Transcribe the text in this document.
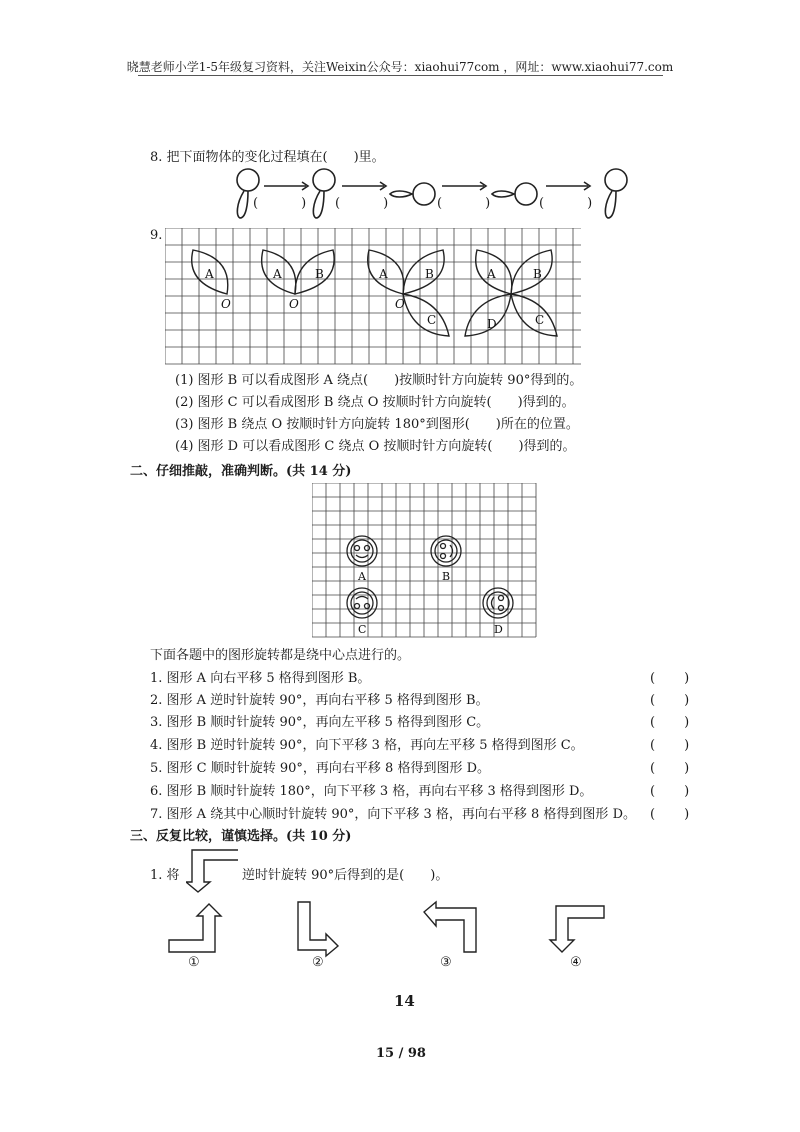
晓慧老师小学1-5年级复习资料，关注Weixin公众号：xiaohui77com ，网址：www.xiaohui77.com
8. 把下面物体的变化过程填在(　　)里。
(　　　) (　　　)	(　　　)	(　　　)
9.
A
O
A	B
O
A	B
O
C
A	B
C
D
(1) 图形 B 可以看成图形 A 绕点(　　)按顺时针方向旋转 90°得到的。
(2) 图形 C 可以看成图形 B 绕点 O 按顺时针方向旋转(　　)得到的。
(3) 图形 B 绕点 O 按顺时针方向旋转 180°到图形(　　)所在的位置。
(4) 图形 D 可以看成图形 C 绕点 O 按顺时针方向旋转(　　)得到的。
二、仔细推敲，准确判断。(共 14 分)
A	B
C	D
下面各题中的图形旋转都是绕中心点进行的。
1. 图形 A 向右平移 5 格得到图形 B。	(　　)
2. 图形 A 逆时针旋转 90°，再向右平移 5 格得到图形 B。	(　　)
3. 图形 B 顺时针旋转 90°，再向左平移 5 格得到图形 C。	(　　)
4. 图形 B 逆时针旋转 90°，向下平移 3 格，再向左平移 5 格得到图形 C。	(　　)
5. 图形 C 顺时针旋转 90°，再向右平移 8 格得到图形 D。	(　　)
6. 图形 B 顺时针旋转 180°，向下平移 3 格，再向右平移 3 格得到图形 D。	(　　)
7. 图形 A 绕其中心顺时针旋转 90°，向下平移 3 格，再向右平移 8 格得到图形 D。 (　　)
三、反复比较，谨慎选择。(共 10 分)
1. 将	逆时针旋转 90°后得到的是(　　)。
①	②	③	④
14
15 / 98
